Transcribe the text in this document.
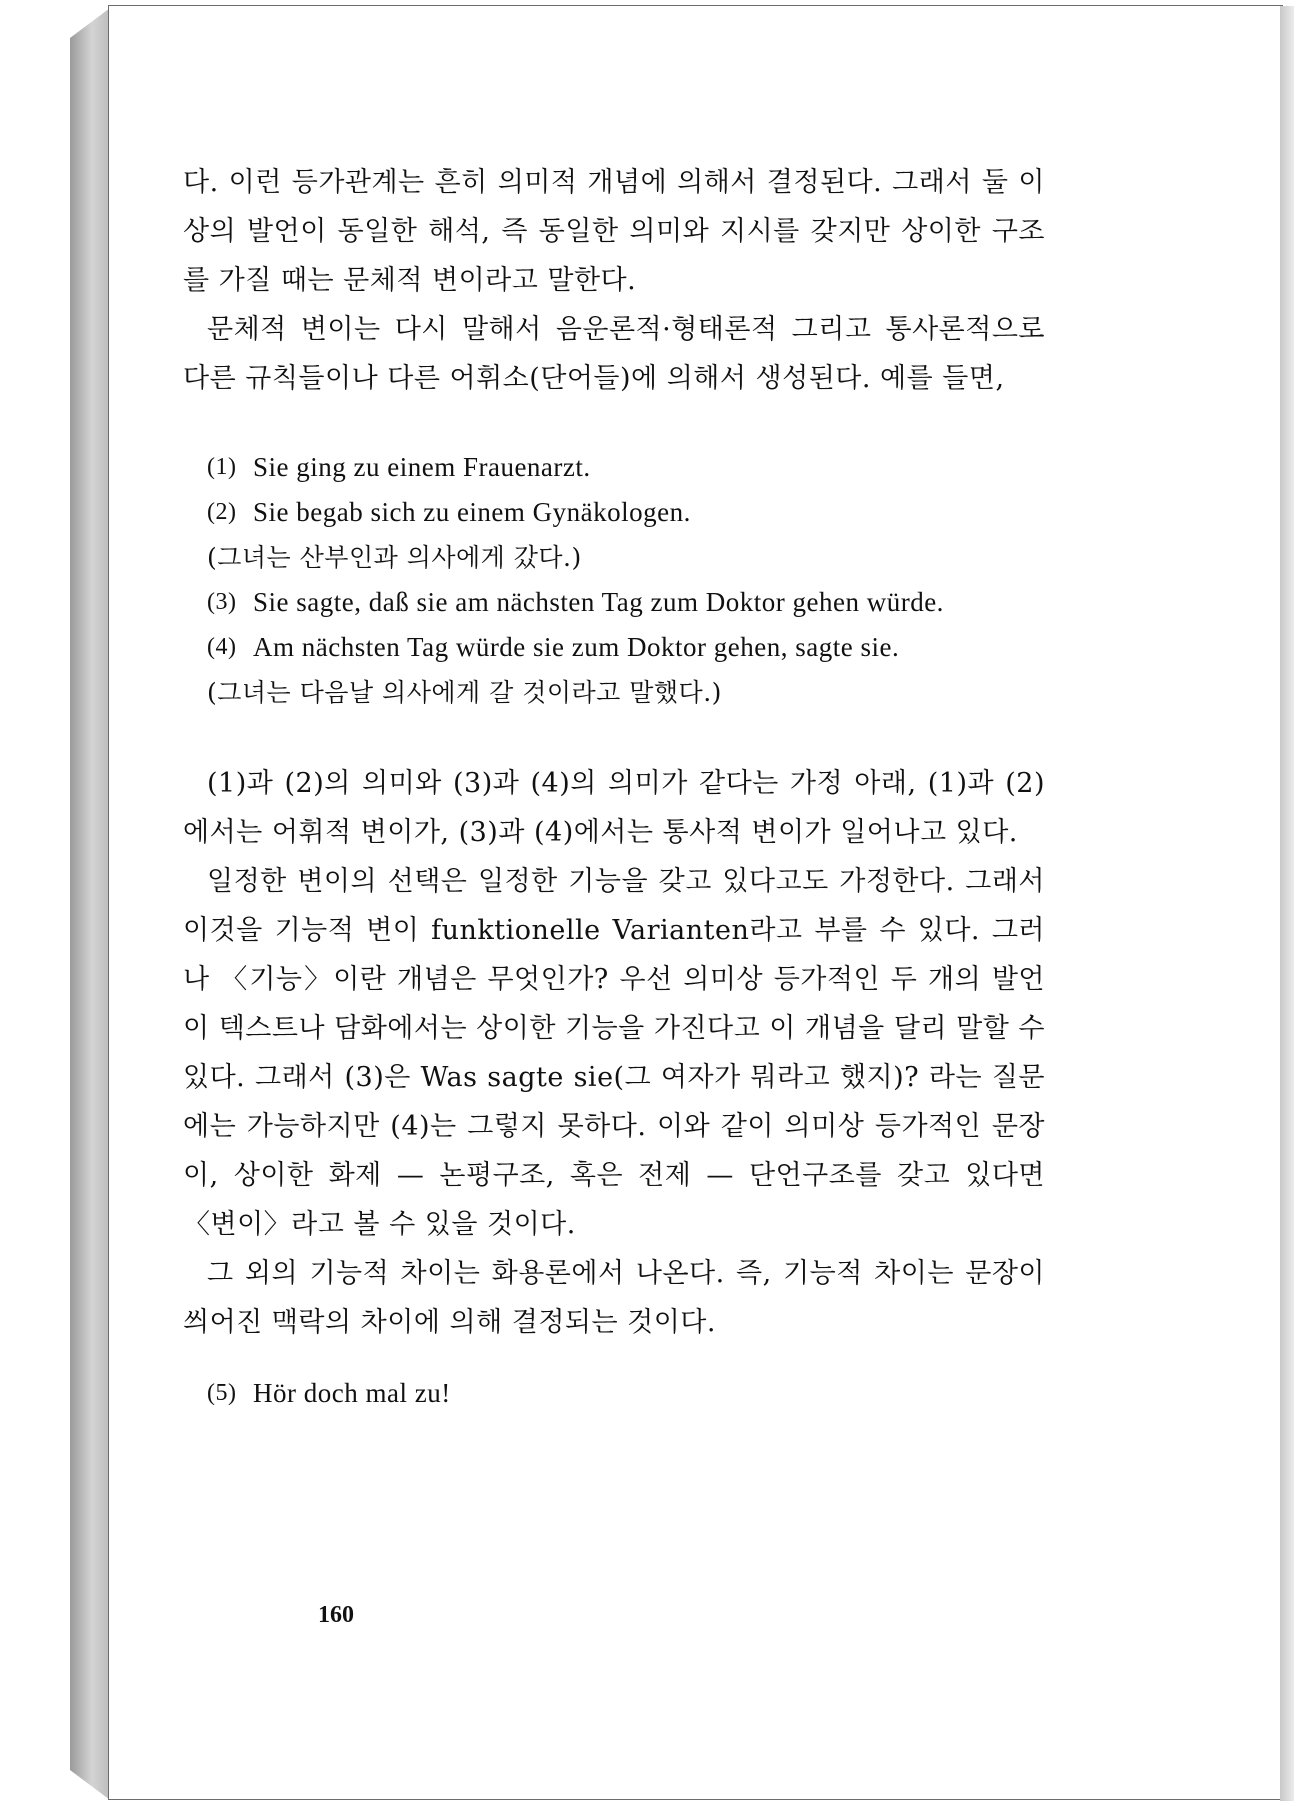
다. 이런 등가관계는 흔히 의미적 개념에 의해서 결정된다. 그래서 둘 이상의 발언이 동일한 해석, 즉 동일한 의미와 지시를 갖지만 상이한 구조를 가질 때는 문체적 변이라고 말한다.

문체적 변이는 다시 말해서 음운론적·형태론적 그리고 통사론적으로 다른 규칙들이나 다른 어휘소(단어들)에 의해서 생성된다. 예를 들면,

(1) Sie ging zu einem Frauenarzt.
(2) Sie begab sich zu einem Gynäkologen.
(그녀는 산부인과 의사에게 갔다.)
(3) Sie sagte, daß sie am nächsten Tag zum Doktor gehen würde.
(4) Am nächsten Tag würde sie zum Doktor gehen, sagte sie.
(그녀는 다음날 의사에게 갈 것이라고 말했다.)

(1)과 (2)의 의미와 (3)과 (4)의 의미가 같다는 가정 아래, (1)과 (2)에서는 어휘적 변이가, (3)과 (4)에서는 통사적 변이가 일어나고 있다.

일정한 변이의 선택은 일정한 기능을 갖고 있다고도 가정한다. 그래서 이것을 기능적 변이 funktionelle Varianten라고 부를 수 있다. 그러나 〈기능〉이란 개념은 무엇인가? 우선 의미상 등가적인 두 개의 발언이 텍스트나 담화에서는 상이한 기능을 가진다고 이 개념을 달리 말할 수 있다. 그래서 (3)은 Was sagte sie(그 여자가 뭐라고 했지)? 라는 질문에는 가능하지만 (4)는 그렇지 못하다. 이와 같이 의미상 등가적인 문장이, 상이한 화제 — 논평구조, 혹은 전제 — 단언구조를 갖고 있다면 〈변이〉라고 볼 수 있을 것이다.

그 외의 기능적 차이는 화용론에서 나온다. 즉, 기능적 차이는 문장이 씌어진 맥락의 차이에 의해 결정되는 것이다.

(5) Hör doch mal zu!
160
